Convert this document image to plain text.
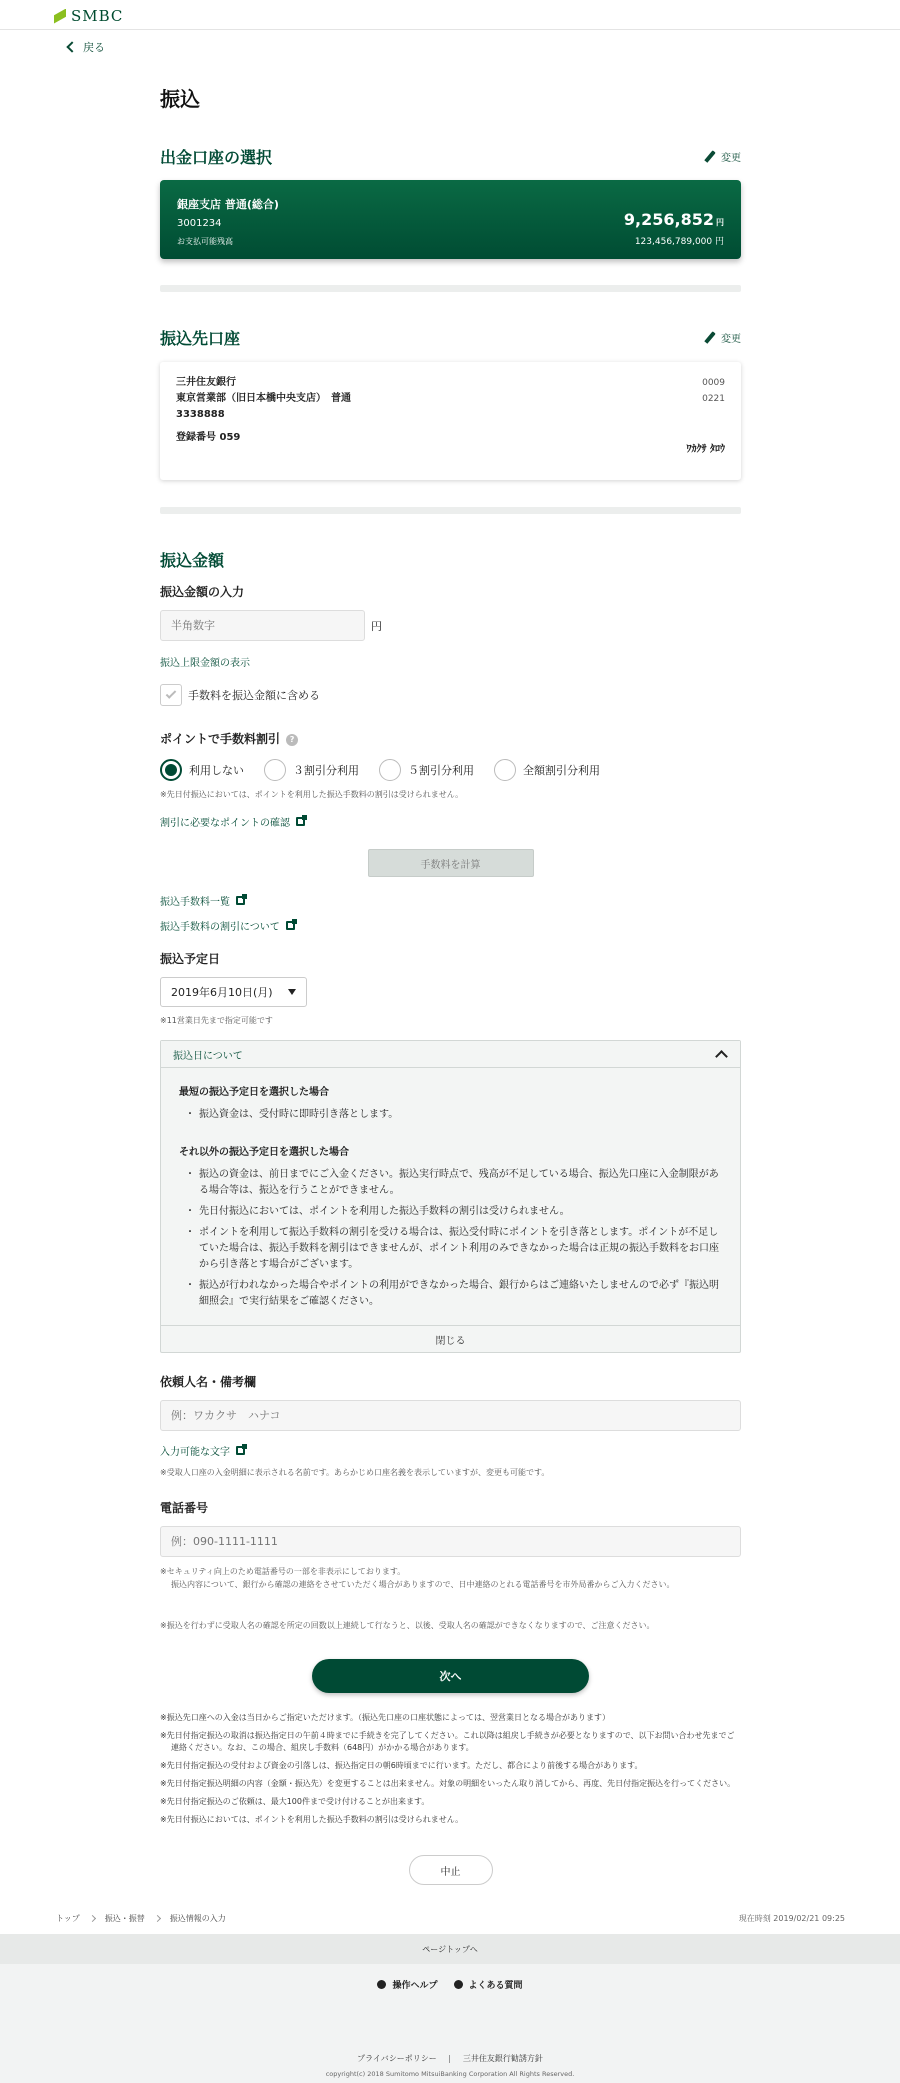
SMBC
戻る
振込
出金口座の選択	変更
銀座支店 普通(総合)
3001234
お支払可能残高
9,256,852 円
123,456,789,000 円
振込先口座	変更
三井住友銀行	0009
東京営業部（旧日本橋中央支店）　普通	0221
3338888
登録番号 059
ﾜｶｸｻ ﾀﾛｳ
振込金額
振込金額の入力
半角数字
円
振込上限金額の表示
手数料を振込金額に含める
ポイントで手数料割引 ?
利用しない	３割引分利用	５割引分利用	全額割引分利用
※先日付振込においては、ポイントを利用した振込手数料の割引は受けられません。
割引に必要なポイントの確認
手数料を計算
振込手数料一覧
振込手数料の割引について
振込予定日
2019年6月10日(月)
※11営業日先まで指定可能です
振込日について
最短の振込予定日を選択した場合
・ 振込資金は、受付時に即時引き落とします。
それ以外の振込予定日を選択した場合
・ 振込の資金は、前日までにご入金ください。振込実行時点で、残高が不足している場合、振込先口座に入金制限がある場合等は、振込を行うことができません。
・ 先日付振込においては、ポイントを利用した振込手数料の割引は受けられません。
・ ポイントを利用して振込手数料の割引を受ける場合は、振込受付時にポイントを引き落とします。ポイントが不足していた場合は、振込手数料を割引はできませんが、ポイント利用のみできなかった場合は正規の振込手数料をお口座から引き落とす場合がございます。
・ 振込が行われなかった場合やポイントの利用ができなかった場合、銀行からはご連絡いたしませんので必ず『振込明細照会』で実行結果をご確認ください。
閉じる
依頼人名・備考欄
例：ワカクサ　ハナコ
入力可能な文字
※受取人口座の入金明細に表示される名前です。あらかじめ口座名義を表示していますが、変更も可能です。
電話番号
例：090-1111-1111
※セキュリティ向上のため電話番号の一部を非表示にしております。
振込内容について、銀行から確認の連絡をさせていただく場合がありますので、日中連絡のとれる電話番号を市外局番からご入力ください。
※振込を行わずに受取人名の確認を所定の回数以上連続して行なうと、以後、受取人名の確認ができなくなりますので、ご注意ください。
次へ

※振込先口座への入金は当日からご指定いただけます。（振込先口座の口座状態によっては、翌営業日となる場合があります）

※先日付指定振込の取消は振込指定日の午前４時までに手続きを完了してください。これ以降は組戻し手続きが必要となりますので、以下お問い合わせ先までご連絡ください。なお、この場合、組戻し手数料（648円）がかかる場合があります。

※先日付指定振込の受付および資金の引落しは、振込指定日の朝6時頃までに行います。ただし、都合により前後する場合があります。

※先日付指定振込明細の内容（金額・振込先）を変更することは出来ません。対象の明細をいったん取り消してから、再度、先日付指定振込を行ってください。

※先日付指定振込のご依頼は、最大100件まで受け付けることが出来ます。

※先日付振込においては、ポイントを利用した振込手数料の割引は受けられません。

中止
トップ	振込・振替	振込情報の入力	現在時刻 2019/02/21 09:25
ページトップへ
操作ヘルプ	よくある質問
プライバシーポリシー	三井住友銀行勧誘方針
copyright(c) 2018 Sumitomo MitsuiBanking Corporation All Rights Reserved.
